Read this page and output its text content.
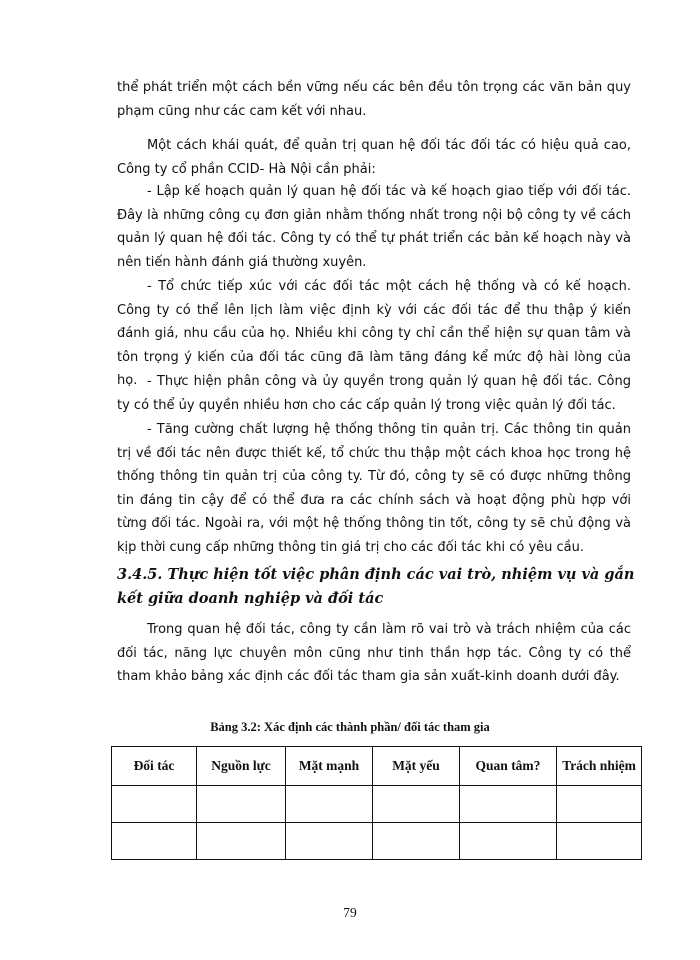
thể phát triển một cách bền vững nếu các bên đều tôn trọng các văn bản quy phạm cũng như các cam kết với nhau.

Một cách khái quát, để quản trị quan hệ đối tác đối tác có hiệu quả cao, Công ty cổ phần CCID- Hà Nội cần phải:

- Lập kế hoạch quản lý quan hệ đối tác và kế hoạch giao tiếp với đối tác. Đây là những công cụ đơn giản nhằm thống nhất trong nội bộ công ty về cách quản lý quan hệ đối tác. Công ty có thể tự phát triển các bản kế hoạch này và nên tiến hành đánh giá thường xuyên.

- Tổ chức tiếp xúc với các đối tác một cách hệ thống và có kế hoạch. Công ty có thể lên lịch làm việc định kỳ với các đối tác để thu thập ý kiến đánh giá, nhu cầu của họ. Nhiều khi công ty chỉ cần thể hiện sự quan tâm và tôn trọng ý kiến của đối tác cũng đã làm tăng đáng kể mức độ hài lòng của họ. - Thực hiện phân công và ủy quyền trong quản lý quan hệ đối tác. Công ty có thể ủy quyền nhiều hơn cho các cấp quản lý trong việc quản lý đối tác.

- Tăng cường chất lượng hệ thống thông tin quản trị. Các thông tin quản trị về đối tác nên được thiết kế, tổ chức thu thập một cách khoa học trong hệ thống thông tin quản trị của công ty. Từ đó, công ty sẽ có được những thông tin đáng tin cậy để có thể đưa ra các chính sách và hoạt động phù hợp với từng đối tác. Ngoài ra, với một hệ thống thông tin tốt, công ty sẽ chủ động và kịp thời cung cấp những thông tin giá trị cho các đối tác khi có yêu cầu.

3.4.5. Thực hiện tốt việc phân định các vai trò, nhiệm vụ và gắn kết giữa doanh nghiệp và đối tác

Trong quan hệ đối tác, công ty cần làm rõ vai trò và trách nhiệm của các đối tác, năng lực chuyên môn cũng như tinh thần hợp tác. Công ty có thể tham khảo bảng xác định các đối tác tham gia sản xuất-kinh doanh dưới đây.

Bảng 3.2: Xác định các thành phần/ đối tác tham gia
Đối tác	Nguồn lực	Mặt mạnh	Mặt yếu	Quan tâm?	Trách nhiệm

79
